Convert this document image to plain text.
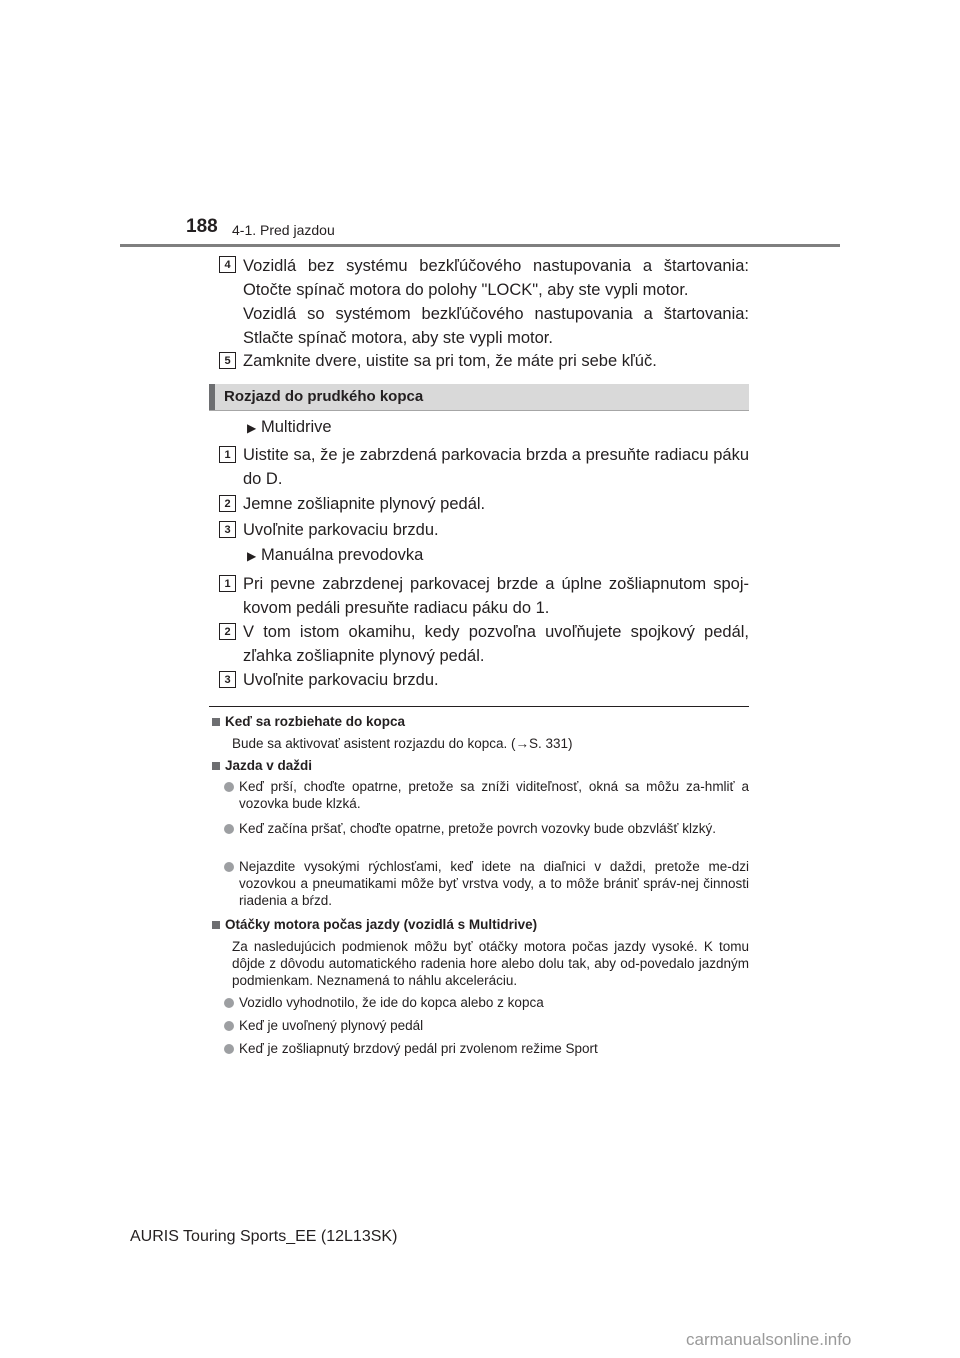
188 4-1. Pred jazdou
4 Vozidlá bez systému bezkľúčového nastupovania a štartovania: Otočte spínač motora do polohy "LOCK", aby ste vypli motor.
Vozidlá so systémom bezkľúčového nastupovania a štartovania: Stlačte spínač motora, aby ste vypli motor.
5 Zamknite dvere, uistite sa pri tom, že máte pri sebe kľúč.
Rozjazd do prudkého kopca
▶ Multidrive
1 Uistite sa, že je zabrzdená parkovacia brzda a presuňte radiacu páku do D.
2 Jemne zošliapnite plynový pedál.
3 Uvoľnite parkovaciu brzdu.
▶ Manuálna prevodovka
1 Pri pevne zabrzdenej parkovacej brzde a úplne zošliapnutom spoj-kovom pedáli presuňte radiacu páku do 1.
2 V tom istom okamihu, kedy pozvoľna uvoľňujete spojkový pedál, zľahka zošliapnite plynový pedál.
3 Uvoľnite parkovaciu brzdu.
Keď sa rozbiehate do kopca
Bude sa aktivovať asistent rozjazdu do kopca. (→S. 331)
Jazda v daždi
Keď prší, choďte opatrne, pretože sa zníži viditeľnosť, okná sa môžu za-hmliť a vozovka bude klzká.
Keď začína pršať, choďte opatrne, pretože povrch vozovky bude obzvlášť klzký.
Nejazdite vysokými rýchlosťami, keď idete na diaľnici v daždi, pretože me-dzi vozovkou a pneumatikami môže byť vrstva vody, a to môže brániť správ-nej činnosti riadenia a bŕzd.
Otáčky motora počas jazdy (vozidlá s Multidrive)
Za nasledujúcich podmienok môžu byť otáčky motora počas jazdy vysoké. K tomu dôjde z dôvodu automatického radenia hore alebo dolu tak, aby od-povedalo jazdným podmienkam. Neznamená to náhlu akceleráciu.
Vozidlo vyhodnotilo, že ide do kopca alebo z kopca
Keď je uvoľnený plynový pedál
Keď je zošliapnutý brzdový pedál pri zvolenom režime Sport
AURIS Touring Sports_EE (12L13SK)
carmanualsonline.info
